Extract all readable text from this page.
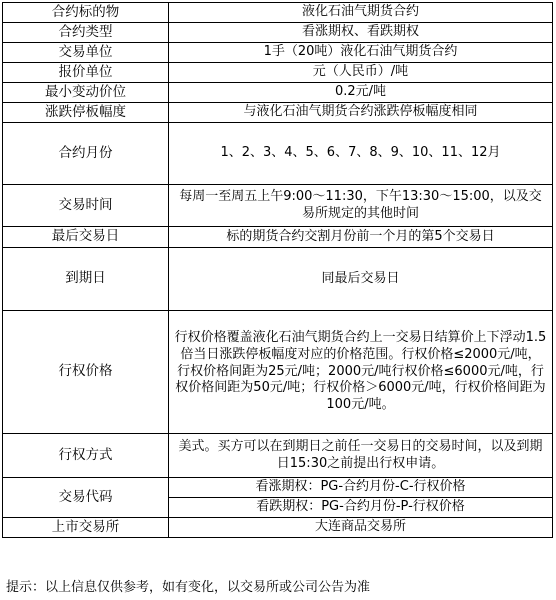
合约标的物	液化石油气期货合约
合约类型	看涨期权、看跌期权
交易单位	1手（20吨）液化石油气期货合约
报价单位	元（人民币）/吨
最小变动价位	0.2元/吨
涨跌停板幅度	与液化石油气期货合约涨跌停板幅度相同
合约月份	1、2、3、4、5、6、7、8、9、10、11、12月
交易时间	每周一至周五上午9:00～11:30，下午13:30～15:00，以及交易所规定的其他时间
最后交易日	标的期货合约交割月份前一个月的第5个交易日
到期日	同最后交易日
行权价格	行权价格覆盖液化石油气期货合约上一交易日结算价上下浮动1.5倍当日涨跌停板幅度对应的价格范围。行权价格≤2000元/吨，行权价格间距为25元/吨；2000元/吨行权价格≤6000元/吨，行权价格间距为50元/吨；行权价格＞6000元/吨，行权价格间距为100元/吨。
行权方式	美式。买方可以在到期日之前任一交易日的交易时间，以及到期日15:30之前提出行权申请。
交易代码	看涨期权：PG-合约月份-C-行权价格
	看跌期权：PG-合约月份-P-行权价格
上市交易所	大连商品交易所
提示：以上信息仅供参考，如有变化，以交易所或公司公告为准
